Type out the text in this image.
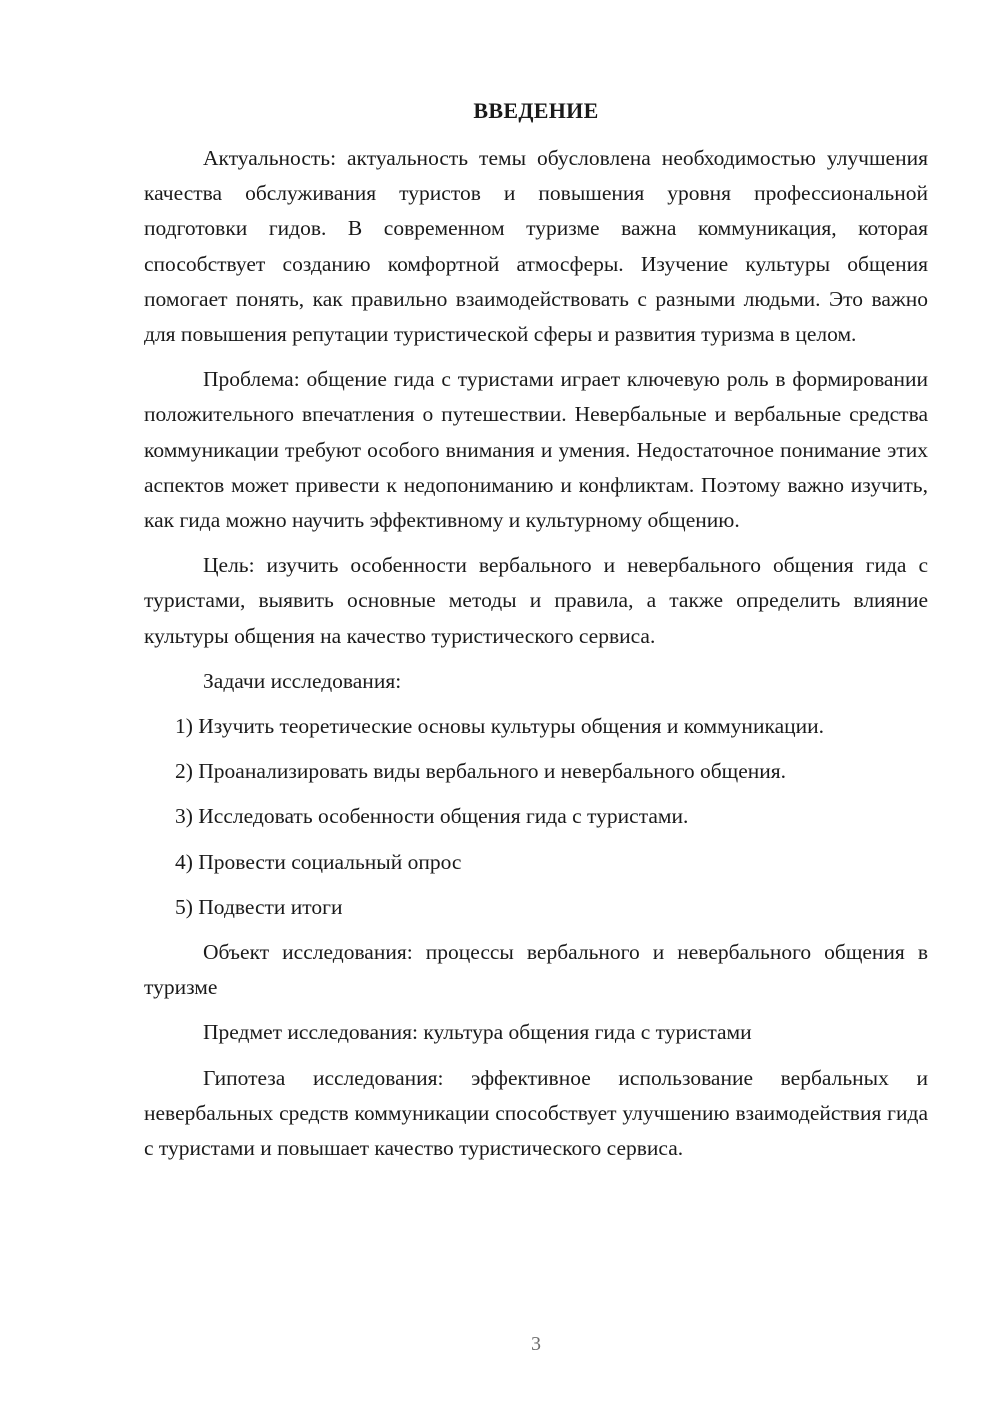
ВВЕДЕНИЕ

Актуальность: актуальность темы обусловлена необходимостью улучшения качества обслуживания туристов и повышения уровня профессиональной подготовки гидов. В современном туризме важна коммуникация, которая способствует созданию комфортной атмосферы. Изучение культуры общения помогает понять, как правильно взаимодействовать с разными людьми. Это важно для повышения репутации туристической сферы и развития туризма в целом.

Проблема: общение гида с туристами играет ключевую роль в формировании положительного впечатления о путешествии. Невербальные и вербальные средства коммуникации требуют особого внимания и умения. Недостаточное понимание этих аспектов может привести к недопониманию и конфликтам. Поэтому важно изучить, как гида можно научить эффективному и культурному общению.

Цель: изучить особенности вербального и невербального общения гида с туристами, выявить основные методы и правила, а также определить влияние культуры общения на качество туристического сервиса.

Задачи исследования:

1) Изучить теоретические основы культуры общения и коммуникации.

2) Проанализировать виды вербального и невербального общения.

3) Исследовать особенности общения гида с туристами.

4) Провести социальный опрос

5) Подвести итоги

Объект исследования: процессы вербального и невербального общения в туризме

Предмет исследования: культура общения гида с туристами

Гипотеза исследования: эффективное использование вербальных и невербальных средств коммуникации способствует улучшению взаимодействия гида с туристами и повышает качество туристического сервиса.

3
